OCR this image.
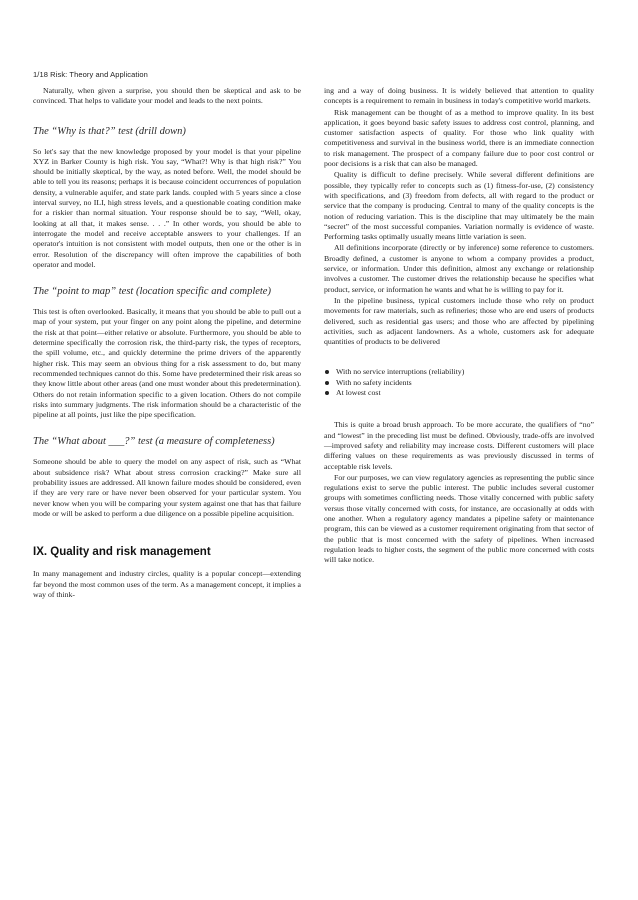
1/18 Risk: Theory and Application

Naturally, when given a surprise, you should then be skeptical and ask to be convinced. That helps to validate your model and leads to the next points.

The “Why is that?” test (drill down)

So let's say that the new knowledge proposed by your model is that your pipeline XYZ in Barker County is high risk. You say, “What?! Why is that high risk?” You should be initially skeptical, by the way, as noted before. Well, the model should be able to tell you its reasons; perhaps it is because coincident occurrences of population density, a vulnerable aquifer, and state park lands. coupled with 5 years since a close interval survey, no ILI, high stress levels, and a questionable coating condition make for a riskier than normal situation. Your response should be to say, “Well, okay, looking at all that, it makes sense. . . .” In other words, you should be able to interrogate the model and receive acceptable answers to your challenges. If an operator's intuition is not consistent with model outputs, then one or the other is in error. Resolution of the discrepancy will often improve the capabilities of both operator and model.

The “point to map” test (location specific and complete)

This test is often overlooked. Basically, it means that you should be able to pull out a map of your system, put your finger on any point along the pipeline, and determine the risk at that point—either relative or absolute. Furthermore, you should be able to determine specifically the corrosion risk, the third-party risk, the types of receptors, the spill volume, etc., and quickly determine the prime drivers of the apparently higher risk. This may seem an obvious thing for a risk assessment to do, but many recommended techniques cannot do this. Some have predetermined their risk areas so they know little about other areas (and one must wonder about this predetermination). Others do not retain information specific to a given location. Others do not compile risks into summary judgments. The risk information should be a characteristic of the pipeline at all points, just like the pipe specification.

The “What about ___?” test (a measure of completeness)

Someone should be able to query the model on any aspect of risk, such as “What about subsidence risk? What about stress corrosion cracking?” Make sure all probability issues are addressed. All known failure modes should be considered, even if they are very rare or have never been observed for your particular system. You never know when you will be comparing your system against one that has that failure mode or will be asked to perform a due diligence on a possible pipeline acquisition.

IX. Quality and risk management

In many management and industry circles, quality is a popular concept—extending far beyond the most common uses of the term. As a management concept, it implies a way of think-

ing and a way of doing business. It is widely believed that attention to quality concepts is a requirement to remain in business in today's competitive world markets.

Risk management can be thought of as a method to improve quality. In its best application, it goes beyond basic safety issues to address cost control, planning, and customer satisfaction aspects of quality. For those who link quality with competitiveness and survival in the business world, there is an immediate connection to risk management. The prospect of a company failure due to poor cost control or poor decisions is a risk that can also be managed.

Quality is difficult to define precisely. While several different definitions are possible, they typically refer to concepts such as (1) fitness-for-use, (2) consistency with specifications, and (3) freedom from defects, all with regard to the product or service that the company is producing. Central to many of the quality concepts is the notion of reducing variation. This is the discipline that may ultimately be the main “secret” of the most successful companies. Variation normally is evidence of waste. Performing tasks optimally usually means little variation is seen.

All definitions incorporate (directly or by inference) some reference to customers. Broadly defined, a customer is anyone to whom a company provides a product, service, or information. Under this definition, almost any exchange or relationship involves a customer. The customer drives the relationship because he specifies what product, service, or information he wants and what he is willing to pay for it.

In the pipeline business, typical customers include those who rely on product movements for raw materials, such as refineries; those who are end users of products delivered, such as residential gas users; and those who are affected by pipelining activities, such as adjacent landowners. As a whole, customers ask for adequate quantities of products to be delivered

With no service interruptions (reliability)
With no safety incidents
At lowest cost

This is quite a broad brush approach. To be more accurate, the qualifiers of “no” and “lowest” in the preceding list must be defined. Obviously, trade-offs are involved—improved safety and reliability may increase costs. Different customers will place differing values on these requirements as was previously discussed in terms of acceptable risk levels.

For our purposes, we can view regulatory agencies as representing the public since regulations exist to serve the public interest. The public includes several customer groups with sometimes conflicting needs. Those vitally concerned with public safety versus those vitally concerned with costs, for instance, are occasionally at odds with one another. When a regulatory agency mandates a pipeline safety or maintenance program, this can be viewed as a customer requirement originating from that sector of the public that is most concerned with the safety of pipelines. When increased regulation leads to higher costs, the segment of the public more concerned with costs will take notice.
